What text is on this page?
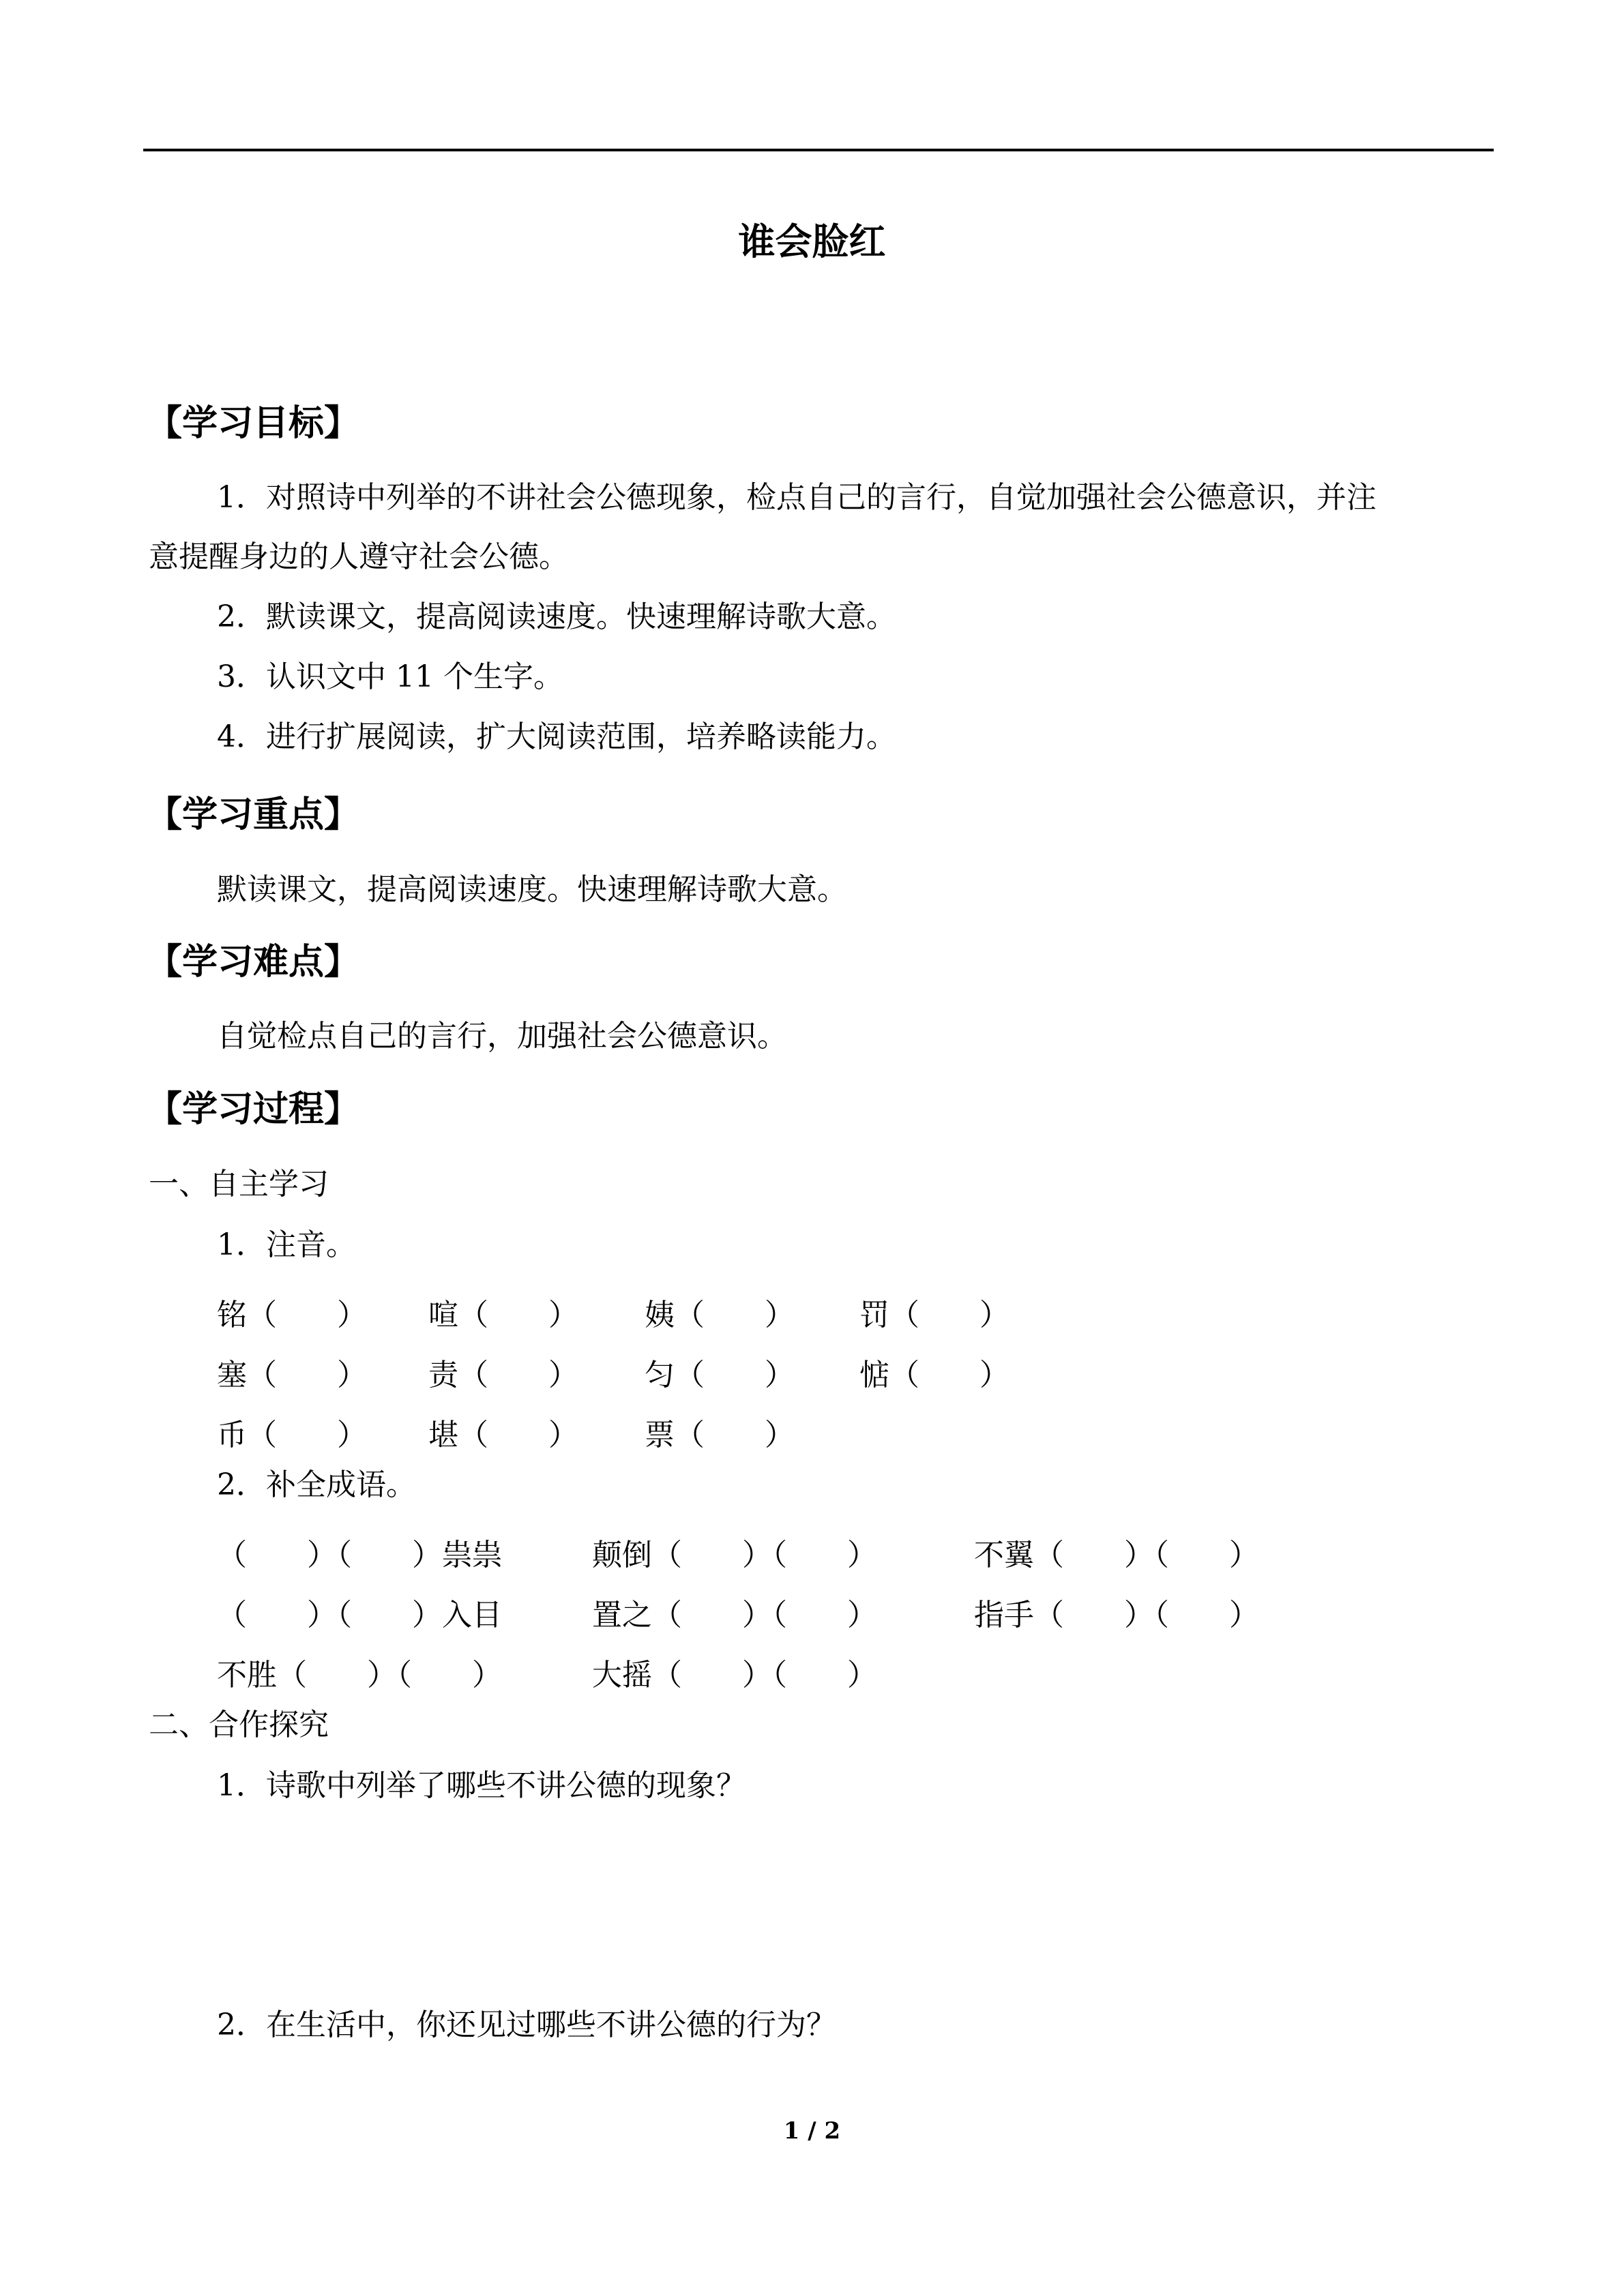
谁会脸红
【学习目标】
1．对照诗中列举的不讲社会公德现象，检点自己的言行，自觉加强社会公德意识，并注
意提醒身边的人遵守社会公德。
2．默读课文，提高阅读速度。快速理解诗歌大意。
3．认识文中 11 个生字。
4．进行扩展阅读，扩大阅读范围，培养略读能力。
【学习重点】
默读课文，提高阅读速度。快速理解诗歌大意。
【学习难点】
自觉检点自己的言行，加强社会公德意识。
【学习过程】
一、自主学习
1．注音。
铭（　　） 喧（　　） 姨（　　） 罚（　　）
塞（　　） 责（　　） 匀（　　） 惦（　　）
币（　　） 堪（　　） 票（　　）
2．补全成语。
（　　）（　　）祟祟	颠倒（　　）（　　）	不翼（　　）（　　）
（　　）（　　）入目	置之（　　）（　　）	指手（　　）（　　）
不胜（　　）（　　）	大摇（　　）（　　）
二、合作探究
1．诗歌中列举了哪些不讲公德的现象？
2．在生活中，你还见过哪些不讲公德的行为？
1 / 2
